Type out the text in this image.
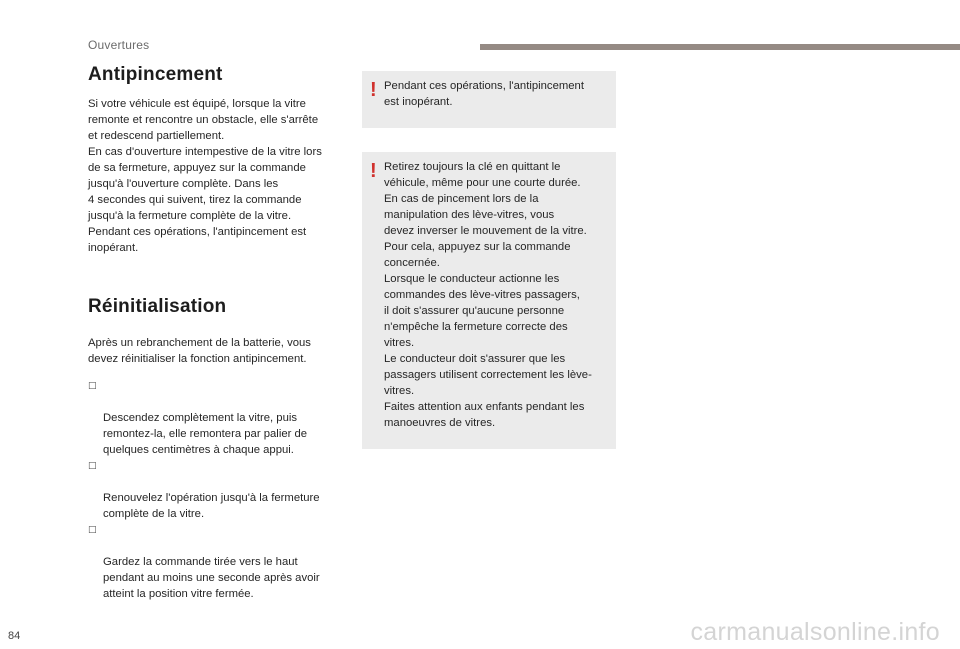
Ouvertures
Antipincement

Si votre véhicule est équipé, lorsque la vitre
remonte et rencontre un obstacle, elle s'arrête
et redescend partiellement.
En cas d'ouverture intempestive de la vitre lors
de sa fermeture, appuyez sur la commande
jusqu'à l'ouverture complète. Dans les
4 secondes qui suivent, tirez la commande
jusqu'à la fermeture complète de la vitre.
Pendant ces opérations, l'antipincement est
inopérant.

Réinitialisation

Après un rebranchement de la batterie, vous
devez réinitialiser la fonction antipincement.

□

Descendez complètement la vitre, puis
remontez-la, elle remontera par palier de
quelques centimètres à chaque appui.

□

Renouvelez l'opération jusqu'à la fermeture
complète de la vitre.

□

Gardez la commande tirée vers le haut
pendant au moins une seconde après avoir
atteint la position vitre fermée.

! Pendant ces opérations, l'antipincement
est inopérant.
! Retirez toujours la clé en quittant le
véhicule, même pour une courte durée.
En cas de pincement lors de la
manipulation des lève-vitres, vous
devez inverser le mouvement de la vitre.
Pour cela, appuyez sur la commande
concernée.
Lorsque le conducteur actionne les
commandes des lève-vitres passagers,
il doit s'assurer qu'aucune personne
n'empêche la fermeture correcte des
vitres.
Le conducteur doit s'assurer que les
passagers utilisent correctement les lève-
vitres.
Faites attention aux enfants pendant les
manoeuvres de vitres.
84	carmanualsonline.info
